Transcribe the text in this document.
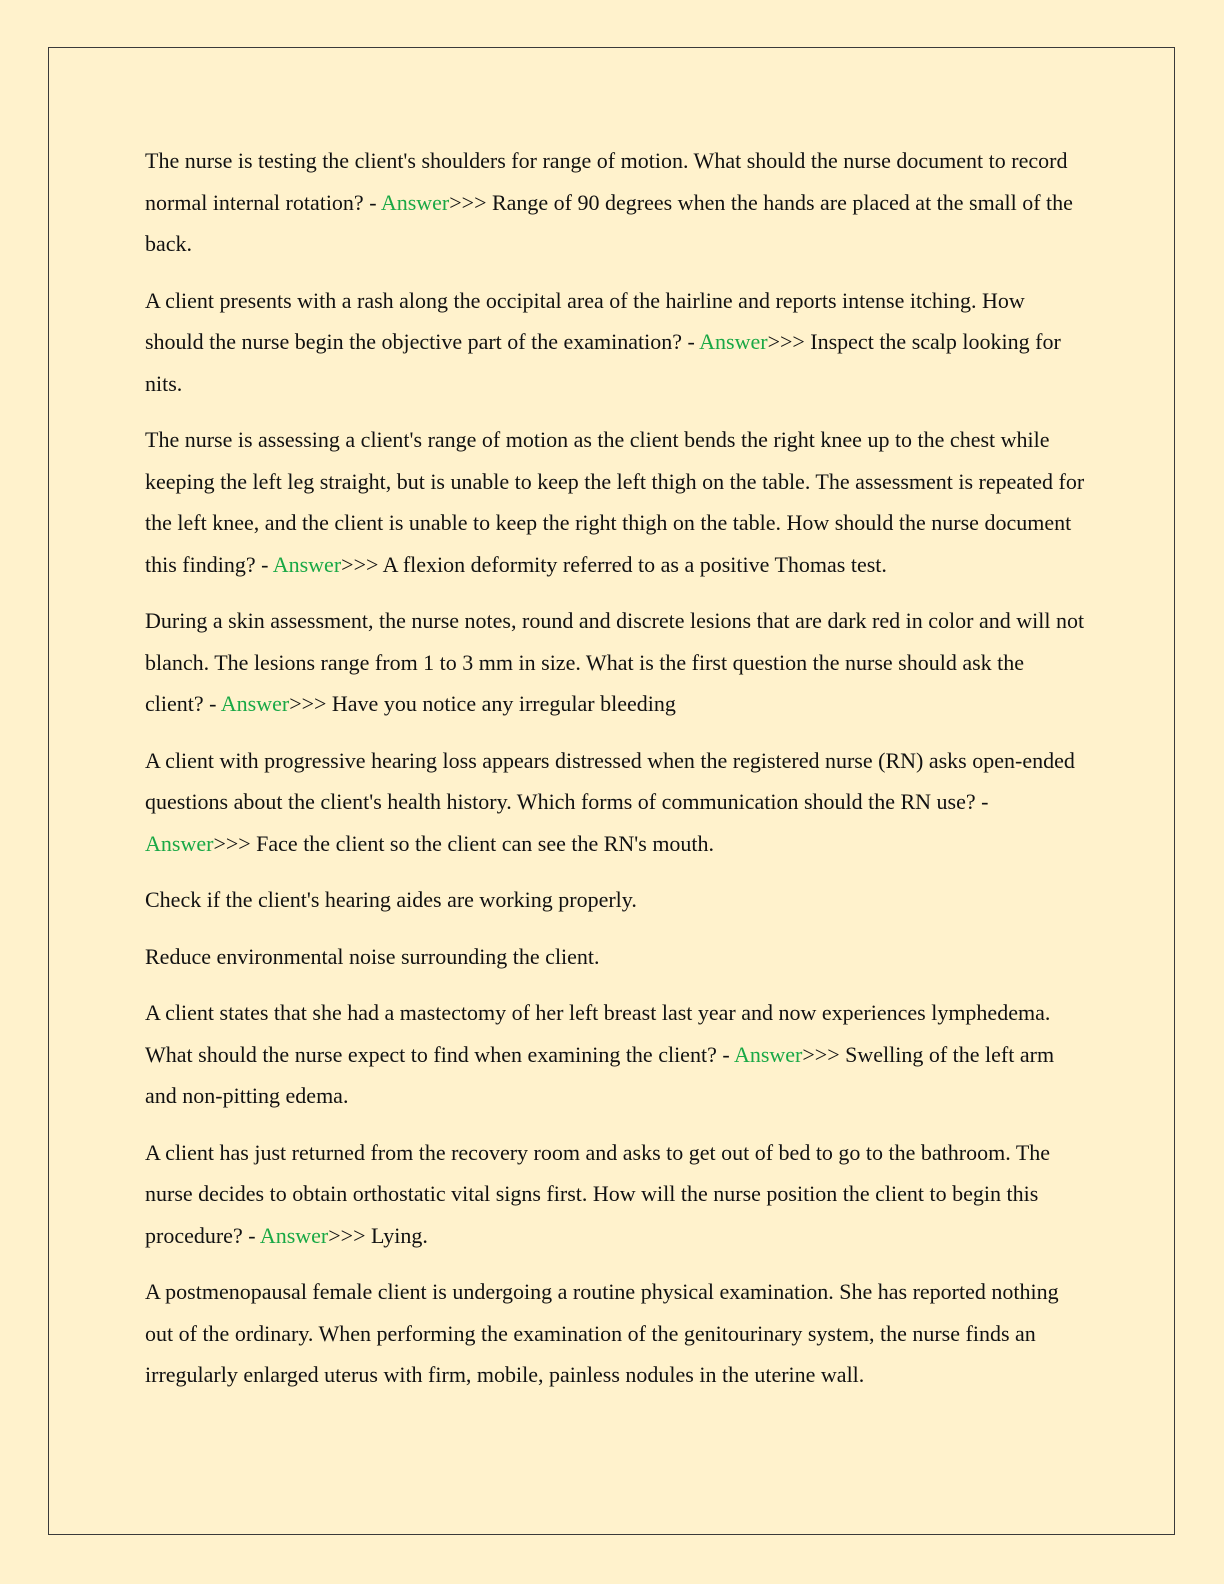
The nurse is testing the client's shoulders for range of motion. What should the nurse document to record normal internal rotation? - Answer>>> Range of 90 degrees when the hands are placed at the small of the back.

A client presents with a rash along the occipital area of the hairline and reports intense itching. How should the nurse begin the objective part of the examination? - Answer>>> Inspect the scalp looking for nits.

The nurse is assessing a client's range of motion as the client bends the right knee up to the chest while keeping the left leg straight, but is unable to keep the left thigh on the table. The assessment is repeated for the left knee, and the client is unable to keep the right thigh on the table. How should the nurse document this finding? - Answer>>> A flexion deformity referred to as a positive Thomas test.

During a skin assessment, the nurse notes, round and discrete lesions that are dark red in color and will not blanch. The lesions range from 1 to 3 mm in size. What is the first question the nurse should ask the client? - Answer>>> Have you notice any irregular bleeding

A client with progressive hearing loss appears distressed when the registered nurse (RN) asks open-ended questions about the client's health history. Which forms of communication should the RN use? - Answer>>> Face the client so the client can see the RN's mouth.

Check if the client's hearing aides are working properly.

Reduce environmental noise surrounding the client.

A client states that she had a mastectomy of her left breast last year and now experiences lymphedema. What should the nurse expect to find when examining the client? - Answer>>> Swelling of the left arm and non-pitting edema.

A client has just returned from the recovery room and asks to get out of bed to go to the bathroom. The nurse decides to obtain orthostatic vital signs first. How will the nurse position the client to begin this procedure? - Answer>>> Lying.

A postmenopausal female client is undergoing a routine physical examination. She has reported nothing out of the ordinary. When performing the examination of the genitourinary system, the nurse finds an irregularly enlarged uterus with firm, mobile, painless nodules in the uterine wall.
